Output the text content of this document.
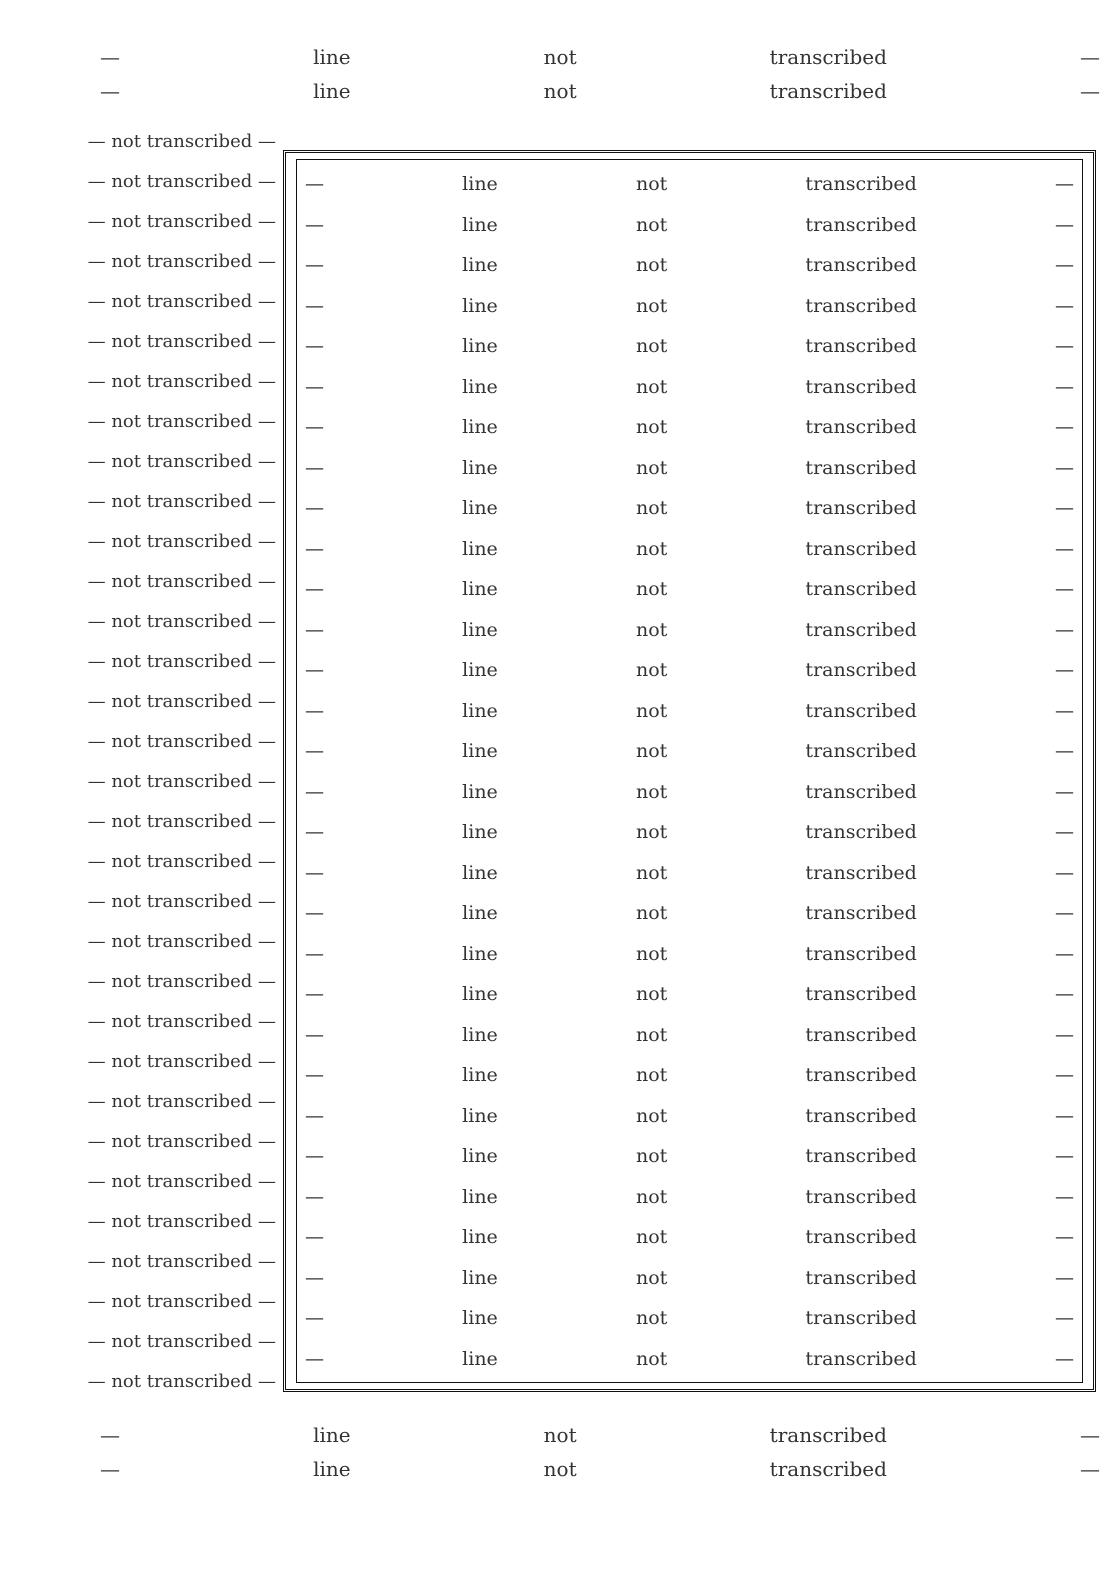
— line not transcribed —
— line not transcribed —
— not transcribed —
— not transcribed —
— not transcribed —
— not transcribed —
— not transcribed —
— not transcribed —
— not transcribed —
— not transcribed —
— not transcribed —
— not transcribed —
— not transcribed —
— not transcribed —
— not transcribed —
— not transcribed —
— not transcribed —
— not transcribed —
— not transcribed —
— not transcribed —
— not transcribed —
— not transcribed —
— not transcribed —
— not transcribed —
— not transcribed —
— not transcribed —
— not transcribed —
— not transcribed —
— not transcribed —
— not transcribed —
— not transcribed —
— not transcribed —
— not transcribed —
— not transcribed —
— line not transcribed —
— line not transcribed —
— line not transcribed —
— line not transcribed —
— line not transcribed —
— line not transcribed —
— line not transcribed —
— line not transcribed —
— line not transcribed —
— line not transcribed —
— line not transcribed —
— line not transcribed —
— line not transcribed —
— line not transcribed —
— line not transcribed —
— line not transcribed —
— line not transcribed —
— line not transcribed —
— line not transcribed —
— line not transcribed —
— line not transcribed —
— line not transcribed —
— line not transcribed —
— line not transcribed —
— line not transcribed —
— line not transcribed —
— line not transcribed —
— line not transcribed —
— line not transcribed —
— line not transcribed —
— line not transcribed —
— line not transcribed —
